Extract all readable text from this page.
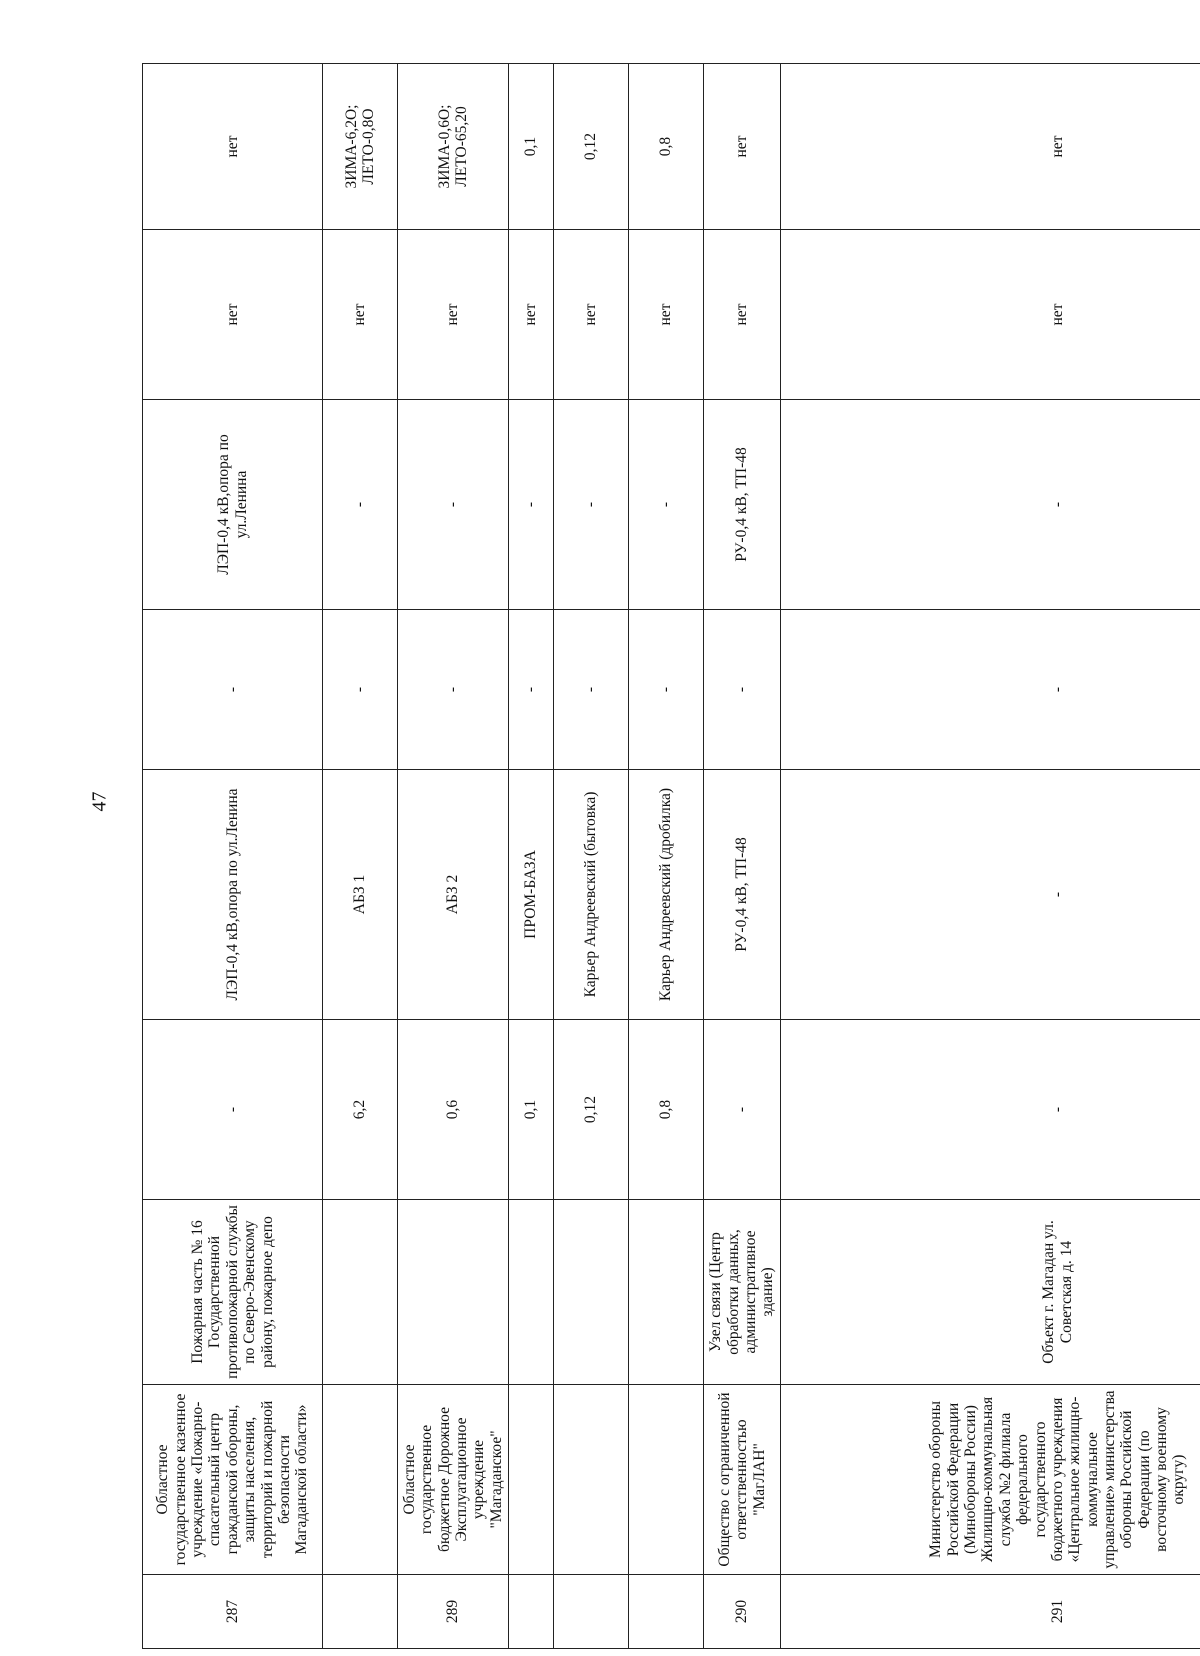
47
287	Областное государственное казенное учреждение «Пожарно-спасательный центр гражданской обороны, защиты населения, территорий и пожарной безопасности Магаданской области»	Пожарная часть № 16 Государственной противопожарной службы по Северо-Эвенскому району, пожарное депо	-	ЛЭП-0,4 кВ,опора по ул.Ленина	-	ЛЭП-0,4 кВ,опора по ул.Ленина	нет	нет
			6,2	АБЗ 1	-	-	нет	ЗИМА-6,2О; ЛЕТО-0,8О
289	Областное государственное бюджетное Дорожное Эксплуатационное учреждение "Магаданское"		0,6	АБЗ 2	-	-	нет	ЗИМА-0,6О; ЛЕТО-65,20
			0,1	ПРОМ-БАЗА	-	-	нет	0,1
			0,12	Карьер Андреевский (бытовка)	-	-	нет	0,12
			0,8	Карьер Андреевский (дробилка)	-	-	нет	0,8
290	Общество с ограниченной ответственностью "МагЛАН"	Узел связи (Центр обработки данных, административное здание)	-	РУ-0,4 кВ, ТП-48	-	РУ-0,4 кВ, ТП-48	нет	нет
291	Министерство обороны Российской Федерации (Минобороны России) Жилищно-коммунальная служба №2 филиала федерального государственного бюджетного учреждения «Центральное жилищно-коммунальное управление» министерства обороны Российской Федерации (по восточному военному округу)	Объект г. Магадан ул. Советская д. 14	-	-	-	-	нет	нет
